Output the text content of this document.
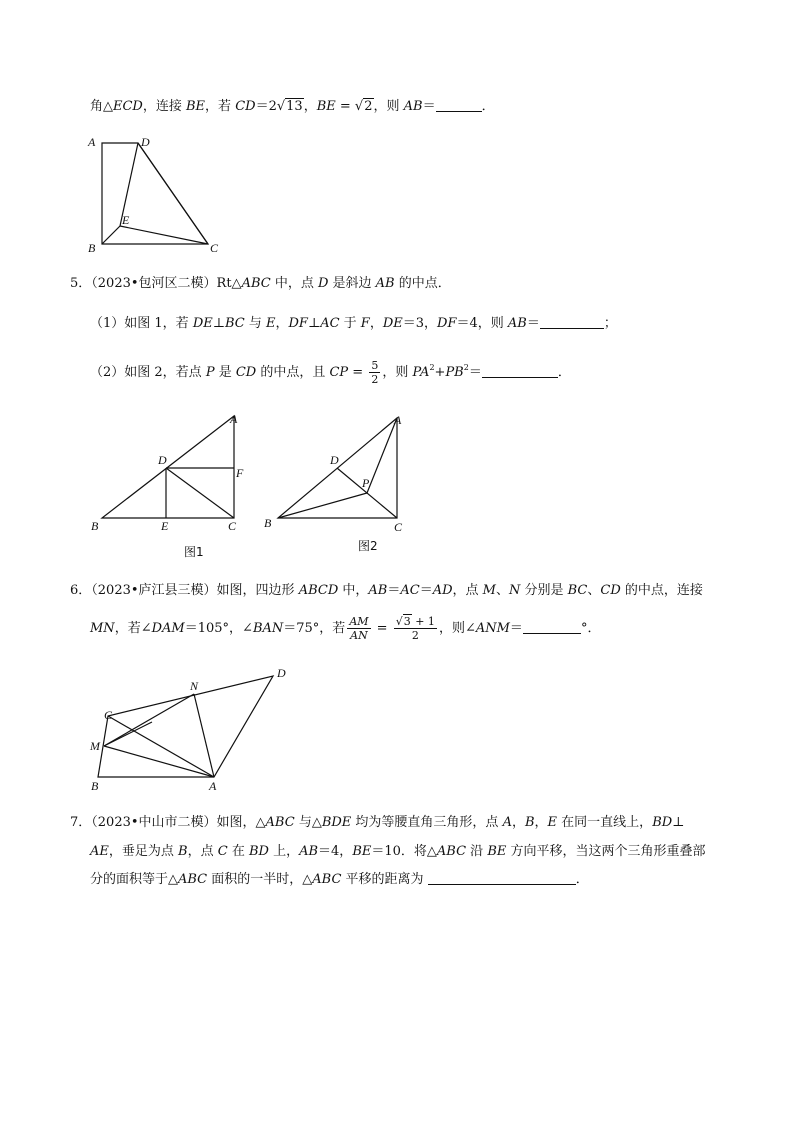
角△ECD，连接 BE，若 CD＝2√13，BE = √2，则 AB＝	．
A	D
E
B	C
5．（2023•包河区二模）Rt△ABC 中，点 D 是斜边 AB 的中点．
（1）如图 1，若 DE⊥BC 与 E，DF⊥AC 于 F，DE＝3，DF＝4，则 AB＝	；
（2）如图 2，若点 P 是 CD 的中点，且 CP = $\frac{5}{2}$ ，则 $PA^2+PB^2=$	．
A
D
F
B	E	C
图1
A
D
P
B	C
图2
6．（2023•庐江县三模）如图，四边形 ABCD 中，AB＝AC＝AD，点 M、N 分别是 BC、CD 的中点，连接
MN，若∠DAM＝105°，∠BAN＝75°，若 $\frac{AM}{AN} = \frac{√3 + 1}{2}$ ，则∠ANM＝	°．
D
N
C
M
B	A
7．（2023•中山市二模）如图，△ABC 与△BDE 均为等腰直角三角形，点 A，B，E 在同一直线上，BD⊥
AE，垂足为点 B，点 C 在 BD 上，AB＝4，BE＝10．将△ABC 沿 BE 方向平移，当这两个三角形重叠部
分的面积等于△ABC 面积的一半时，△ABC 平移的距离为	．
